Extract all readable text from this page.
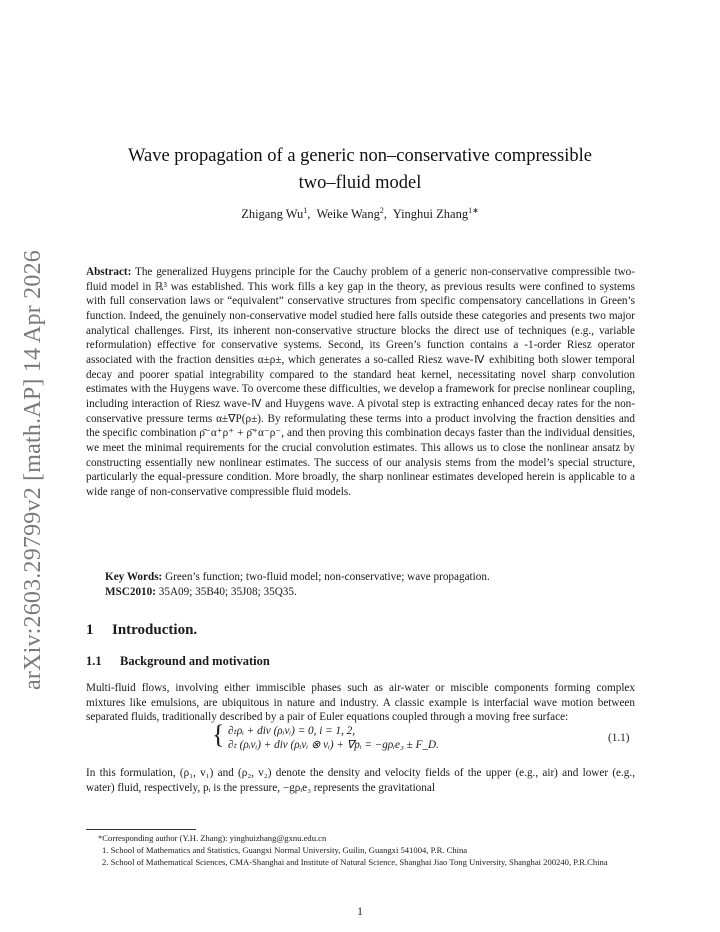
arXiv:2603.29799v2 [math.AP] 14 Apr 2026
Wave propagation of a generic non–conservative compressible
two–fluid model
Zhigang Wu$^1$,  Weike Wang$^2$,  Yinghui Zhang$^{1∗}$
Abstract: The generalized Huygens principle for the Cauchy problem of a generic non-conservative compressible two-fluid model in ℝ³ was established. This work fills a key gap in the theory, as previous results were confined to systems with full conservation laws or “equivalent” conservative structures from specific compensatory cancellations in Green’s function. Indeed, the genuinely non-conservative model studied here falls outside these categories and presents two major analytical challenges. First, its inherent non-conservative structure blocks the direct use of techniques (e.g., variable reformulation) effective for conservative systems. Second, its Green’s function contains a -1-order Riesz operator associated with the fraction densities α±ρ±, which generates a so-called Riesz wave-Ⅳ exhibiting both slower temporal decay and poorer spatial integrability compared to the standard heat kernel, necessitating novel sharp convolution estimates with the Huygens wave. To overcome these difficulties, we develop a framework for precise nonlinear coupling, including interaction of Riesz wave-Ⅳ and Huygens wave. A pivotal step is extracting enhanced decay rates for the non-conservative pressure terms α±∇P(ρ±). By reformulating these terms into a product involving the fraction densities and the specific combination ρ̄⁻α⁺ρ⁺ + ρ̄⁺α⁻ρ⁻, and then proving this combination decays faster than the individual densities, we meet the minimal requirements for the crucial convolution estimates. This allows us to close the nonlinear ansatz by constructing essentially new nonlinear estimates. The success of our analysis stems from the model’s special structure, particularly the equal-pressure condition. More broadly, the sharp nonlinear estimates developed herein is applicable to a wide range of non-conservative compressible fluid models.
Key Words: Green’s function; two-fluid model; non-conservative; wave propagation.
MSC2010: 35A09; 35B40; 35J08; 35Q35.
1 Introduction.
1.1 Background and motivation
Multi-fluid flows, involving either immiscible phases such as air-water or miscible components forming complex mixtures like emulsions, are ubiquitous in nature and industry. A classic example is interfacial wave motion between separated fluids, traditionally described by a pair of Euler equations coupled through a moving free surface:
{ ∂ₜρᵢ + div (ρᵢvᵢ) = 0, i = 1, 2,
∂ₜ (ρᵢvᵢ) + div (ρᵢvᵢ ⊗ vᵢ) + ∇pᵢ = −gρᵢe₃ ± F_D.
(1.1)
In this formulation, (ρ₁, v₁) and (ρ₂, v₂) denote the density and velocity fields of the upper (e.g., air) and lower (e.g., water) fluid, respectively, pᵢ is the pressure, −gρᵢe₃ represents the gravitational
*Corresponding author (Y.H. Zhang): yinghuizhang@gxnu.edu.cn
1. School of Mathematics and Statistics, Guangxi Normal University, Guilin, Guangxi 541004, P.R. China
2. School of Mathematical Sciences, CMA-Shanghai and Institute of Natural Science, Shanghai Jiao Tong University, Shanghai 200240, P.R.China
1
